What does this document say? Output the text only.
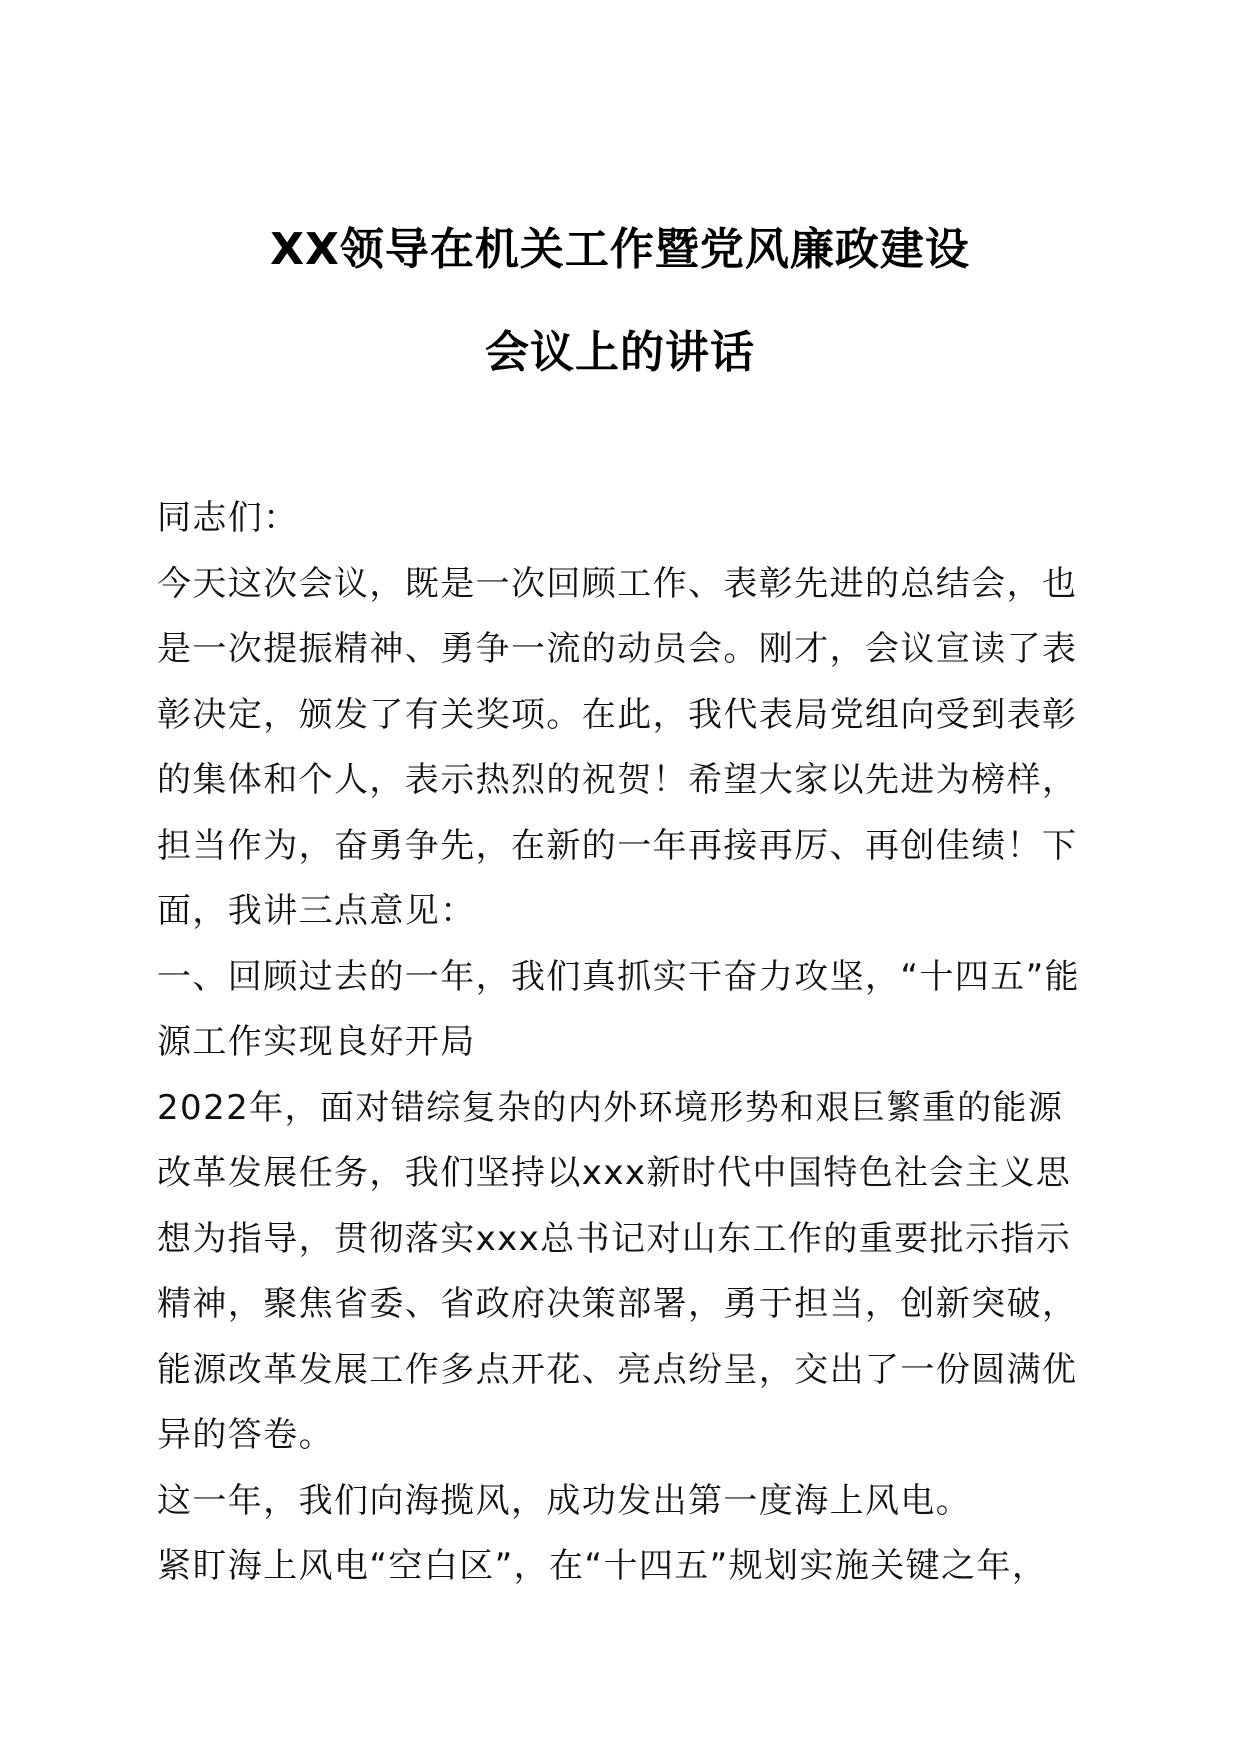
XX领导在机关工作暨党风廉政建设
会议上的讲话

同志们：

今天这次会议，既是一次回顾工作、表彰先进的总结会，也是一次提振精神、勇争一流的动员会。刚才，会议宣读了表彰决定，颁发了有关奖项。在此，我代表局党组向受到表彰的集体和个人，表示热烈的祝贺！希望大家以先进为榜样，担当作为，奋勇争先，在新的一年再接再厉、再创佳绩！下面，我讲三点意见：

一、回顾过去的一年，我们真抓实干奋力攻坚，“十四五”能源工作实现良好开局

2022年，面对错综复杂的内外环境形势和艰巨繁重的能源改革发展任务，我们坚持以xxx新时代中国特色社会主义思想为指导，贯彻落实xxx总书记对山东工作的重要批示指示精神，聚焦省委、省政府决策部署，勇于担当，创新突破，能源改革发展工作多点开花、亮点纷呈，交出了一份圆满优异的答卷。

这一年，我们向海揽风，成功发出第一度海上风电。

紧盯海上风电“空白区”，在“十四五”规划实施关键之年，
